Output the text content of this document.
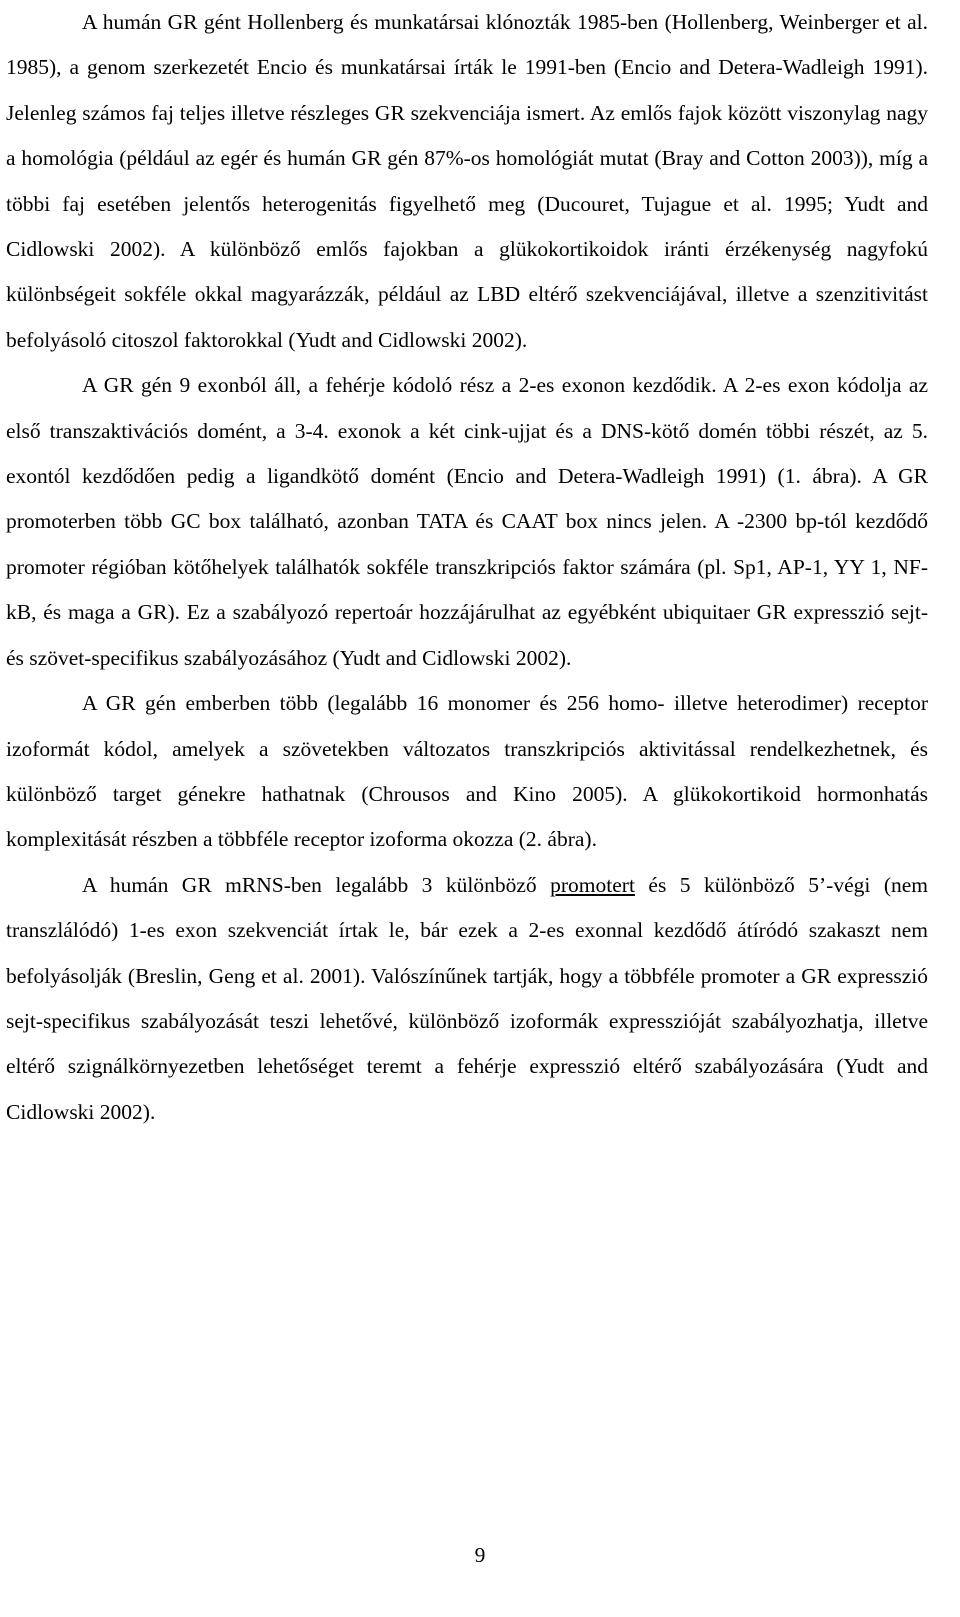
A humán GR gént Hollenberg és munkatársai klónozták 1985-ben (Hollenberg, Weinberger et al. 1985), a genom szerkezetét Encio és munkatársai írták le 1991-ben (Encio and Detera-Wadleigh 1991). Jelenleg számos faj teljes illetve részleges GR szekvenciája ismert. Az emlős fajok között viszonylag nagy a homológia (például az egér és humán GR gén 87%-os homológiát mutat (Bray and Cotton 2003)), míg a többi faj esetében jelentős heterogenitás figyelhető meg (Ducouret, Tujague et al. 1995; Yudt and Cidlowski 2002). A különböző emlős fajokban a glükokortikoidok iránti érzékenység nagyfokú különbségeit sokféle okkal magyarázzák, például az LBD eltérő szekvenciájával, illetve a szenzitivitást befolyásoló citoszol faktorokkal (Yudt and Cidlowski 2002).

A GR gén 9 exonból áll, a fehérje kódoló rész a 2-es exonon kezdődik. A 2-es exon kódolja az első transzaktivációs domént, a 3-4. exonok a két cink-ujjat és a DNS-kötő domén többi részét, az 5. exontól kezdődően pedig a ligandkötő domént (Encio and Detera-Wadleigh 1991) (1. ábra). A GR promoterben több GC box található, azonban TATA és CAAT box nincs jelen. A -2300 bp-tól kezdődő promoter régióban kötőhelyek találhatók sokféle transzkripciós faktor számára (pl. Sp1, AP-1, YY 1, NF-kB, és maga a GR). Ez a szabályozó repertoár hozzájárulhat az egyébként ubiquitaer GR expresszió sejt- és szövet-specifikus szabályozásához (Yudt and Cidlowski 2002).

A GR gén emberben több (legalább 16 monomer és 256 homo- illetve heterodimer) receptor izoformát kódol, amelyek a szövetekben változatos transzkripciós aktivitással rendelkezhetnek, és különböző target génekre hathatnak (Chrousos and Kino 2005). A glükokortikoid hormonhatás komplexitását részben a többféle receptor izoforma okozza (2. ábra).

A humán GR mRNS-ben legalább 3 különböző promotert és 5 különböző 5’-végi (nem transzlálódó) 1-es exon szekvenciát írtak le, bár ezek a 2-es exonnal kezdődő átíródó szakaszt nem befolyásolják (Breslin, Geng et al. 2001). Valószínűnek tartják, hogy a többféle promoter a GR expresszió sejt-specifikus szabályozását teszi lehetővé, különböző izoformák expresszióját szabályozhatja, illetve eltérő szignálkörnyezetben lehetőséget teremt a fehérje expresszió eltérő szabályozására (Yudt and Cidlowski 2002).

9
